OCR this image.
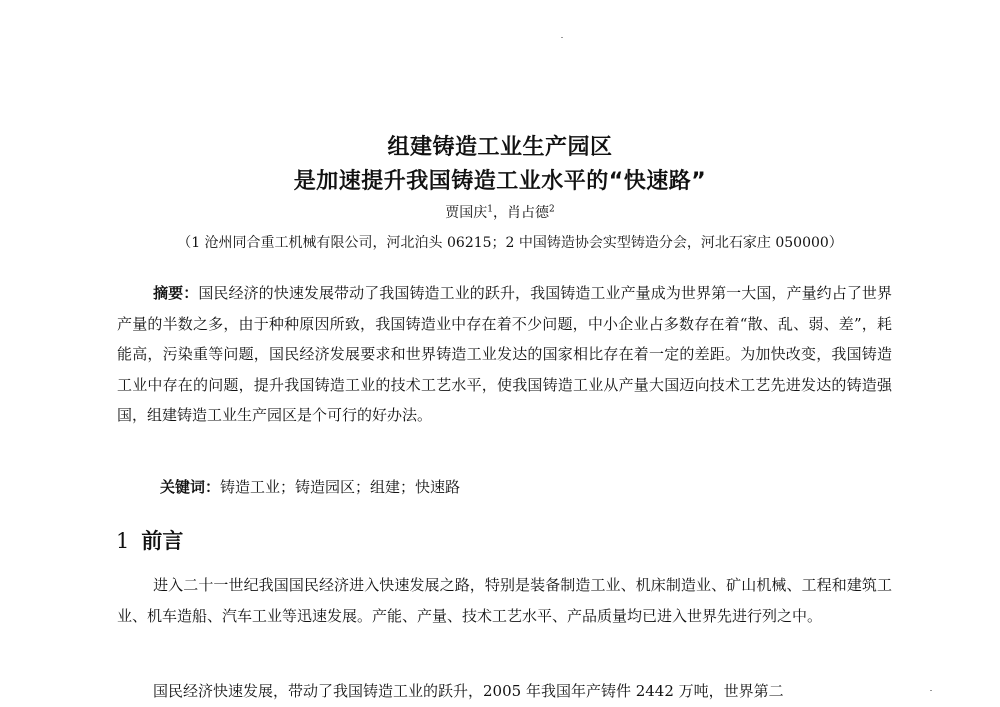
组建铸造工业生产园区
是加速提升我国铸造工业水平的“快速路”
贾国庆$^1$，肖占德$^2$
（1 沧州同合重工机械有限公司，河北泊头 06215；2 中国铸造协会实型铸造分会，河北石家庄 050000）

摘要：国民经济的快速发展带动了我国铸造工业的跃升，我国铸造工业产量成为世界第一大国，产量约占了世界产量的半数之多，由于种种原因所致，我国铸造业中存在着不少问题，中小企业占多数存在着“散、乱、弱、差”，耗能高，污染重等问题，国民经济发展要求和世界铸造工业发达的国家相比存在着一定的差距。为加快改变，我国铸造工业中存在的问题，提升我国铸造工业的技术工艺水平，使我国铸造工业从产量大国迈向技术工艺先进发达的铸造强国，组建铸造工业生产园区是个可行的好办法。

关键词：铸造工业；铸造园区；组建；快速路
1 前言

进入二十一世纪我国国民经济进入快速发展之路，特别是装备制造工业、机床制造业、矿山机械、工程和建筑工业、机车造船、汽车工业等迅速发展。产能、产量、技术工艺水平、产品质量均已进入世界先进行列之中。

国民经济快速发展，带动了我国铸造工业的跃升，2005 年我国年产铸件 2442 万吨，世界第二
